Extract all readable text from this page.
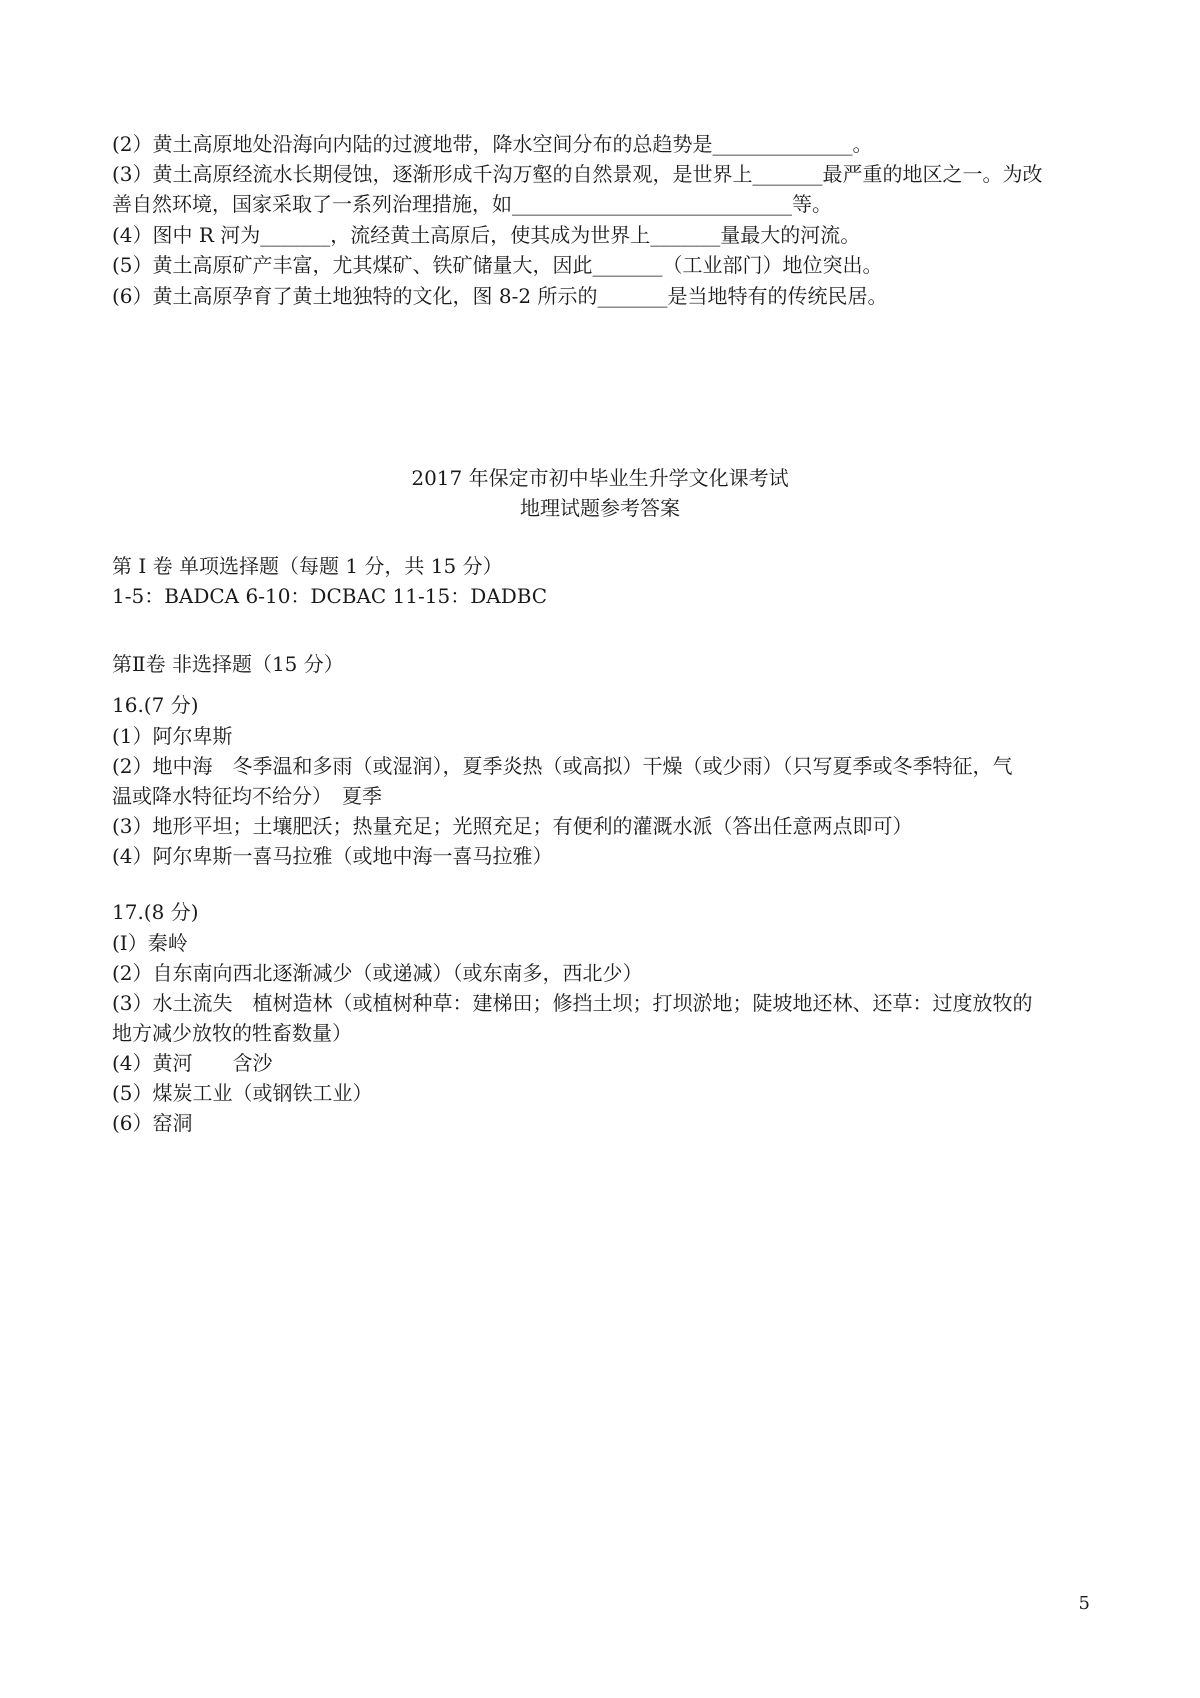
(2）黄土高原地处沿海向内陆的过渡地带，降水空间分布的总趋势是______________。
(3）黄土高原经流水长期侵蚀，逐渐形成千沟万壑的自然景观，是世界上_______最严重的地区之一。为改
善自然环境，国家采取了一系列治理措施，如____________________________等。
(4）图中 R 河为_______，流经黄土高原后，使其成为世界上_______量最大的河流。
(5）黄土高原矿产丰富，尤其煤矿、铁矿储量大，因此_______（工业部门）地位突出。
(6）黄土高原孕育了黄土地独特的文化，图 8-2 所示的_______是当地特有的传统民居。
2017 年保定市初中毕业生升学文化课考试
地理试题参考答案
第 I 卷 单项选择题（每题 1 分，共 15 分）
1-5：BADCA 6-10：DCBAC 11-15：DADBC
第Ⅱ卷 非选择题（15 分）
16.(7 分)
(1）阿尔卑斯
(2）地中海　冬季温和多雨（或湿润），夏季炎热（或高拟）干燥（或少雨）（只写夏季或冬季特征，气
温或降水特征均不给分）　夏季
(3）地形平坦；土壤肥沃；热量充足；光照充足；有便利的灌溉水派（答出任意两点即可）
(4）阿尔卑斯一喜马拉雅（或地中海一喜马拉雅）
17.(8 分)
(I）秦岭
(2）自东南向西北逐渐减少（或递减）（或东南多，西北少）
(3）水土流失　植树造林（或植树种草：建梯田；修挡土坝；打坝淤地；陡坡地还林、还草：过度放牧的
地方减少放牧的牲畜数量）
(4）黄河　　含沙
(5）煤炭工业（或钢铁工业）
(6）窑洞
5
